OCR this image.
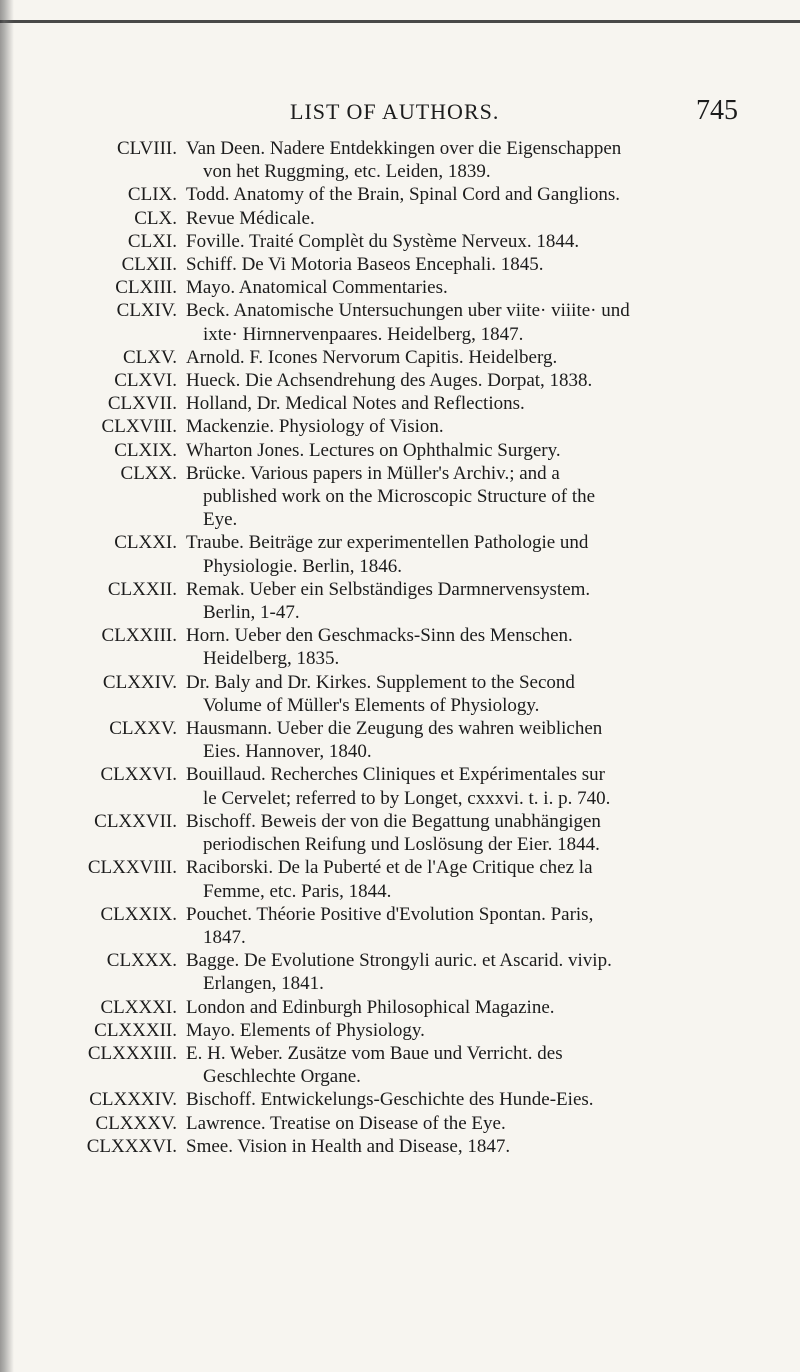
LIST OF AUTHORS.	745
CLVIII. Van Deen. Nadere Entdekkingen over die Eigenschappen
von het Ruggming, etc. Leiden, 1839.
CLIX. Todd. Anatomy of the Brain, Spinal Cord and Ganglions.
CLX. Revue Médicale.
CLXI. Foville. Traité Complèt du Système Nerveux. 1844.
CLXII. Schiff. De Vi Motoria Baseos Encephali. 1845.
CLXIII. Mayo. Anatomical Commentaries.
CLXIV. Beck. Anatomische Untersuchungen uber viite· viiite· und
ixte· Hirnnervenpaares. Heidelberg, 1847.
CLXV. Arnold. F. Icones Nervorum Capitis. Heidelberg.
CLXVI. Hueck. Die Achsendrehung des Auges. Dorpat, 1838.
CLXVII. Holland, Dr. Medical Notes and Reflections.
CLXVIII. Mackenzie. Physiology of Vision.
CLXIX. Wharton Jones. Lectures on Ophthalmic Surgery.
CLXX. Brücke. Various papers in Müller's Archiv.; and a
published work on the Microscopic Structure of the
Eye.
CLXXI. Traube. Beiträge zur experimentellen Pathologie und
Physiologie. Berlin, 1846.
CLXXII. Remak. Ueber ein Selbständiges Darmnervensystem.
Berlin, 1-47.
CLXXIII. Horn. Ueber den Geschmacks-Sinn des Menschen.
Heidelberg, 1835.
CLXXIV. Dr. Baly and Dr. Kirkes. Supplement to the Second
Volume of Müller's Elements of Physiology.
CLXXV. Hausmann. Ueber die Zeugung des wahren weiblichen
Eies. Hannover, 1840.
CLXXVI. Bouillaud. Recherches Cliniques et Expérimentales sur
le Cervelet; referred to by Longet, cxxxvi. t. i. p. 740.
CLXXVII. Bischoff. Beweis der von die Begattung unabhängigen
periodischen Reifung und Loslösung der Eier. 1844.
CLXXVIII. Raciborski. De la Puberté et de l'Age Critique chez la
Femme, etc. Paris, 1844.
CLXXIX. Pouchet. Théorie Positive d'Evolution Spontan. Paris,
1847.
CLXXX. Bagge. De Evolutione Strongyli auric. et Ascarid. vivip.
Erlangen, 1841.
CLXXXI. London and Edinburgh Philosophical Magazine.
CLXXXII. Mayo. Elements of Physiology.
CLXXXIII. E. H. Weber. Zusätze vom Baue und Verricht. des
Geschlechte Organe.
CLXXXIV. Bischoff. Entwickelungs-Geschichte des Hunde-Eies.
CLXXXV. Lawrence. Treatise on Disease of the Eye.
CLXXXVI. Smee. Vision in Health and Disease, 1847.
